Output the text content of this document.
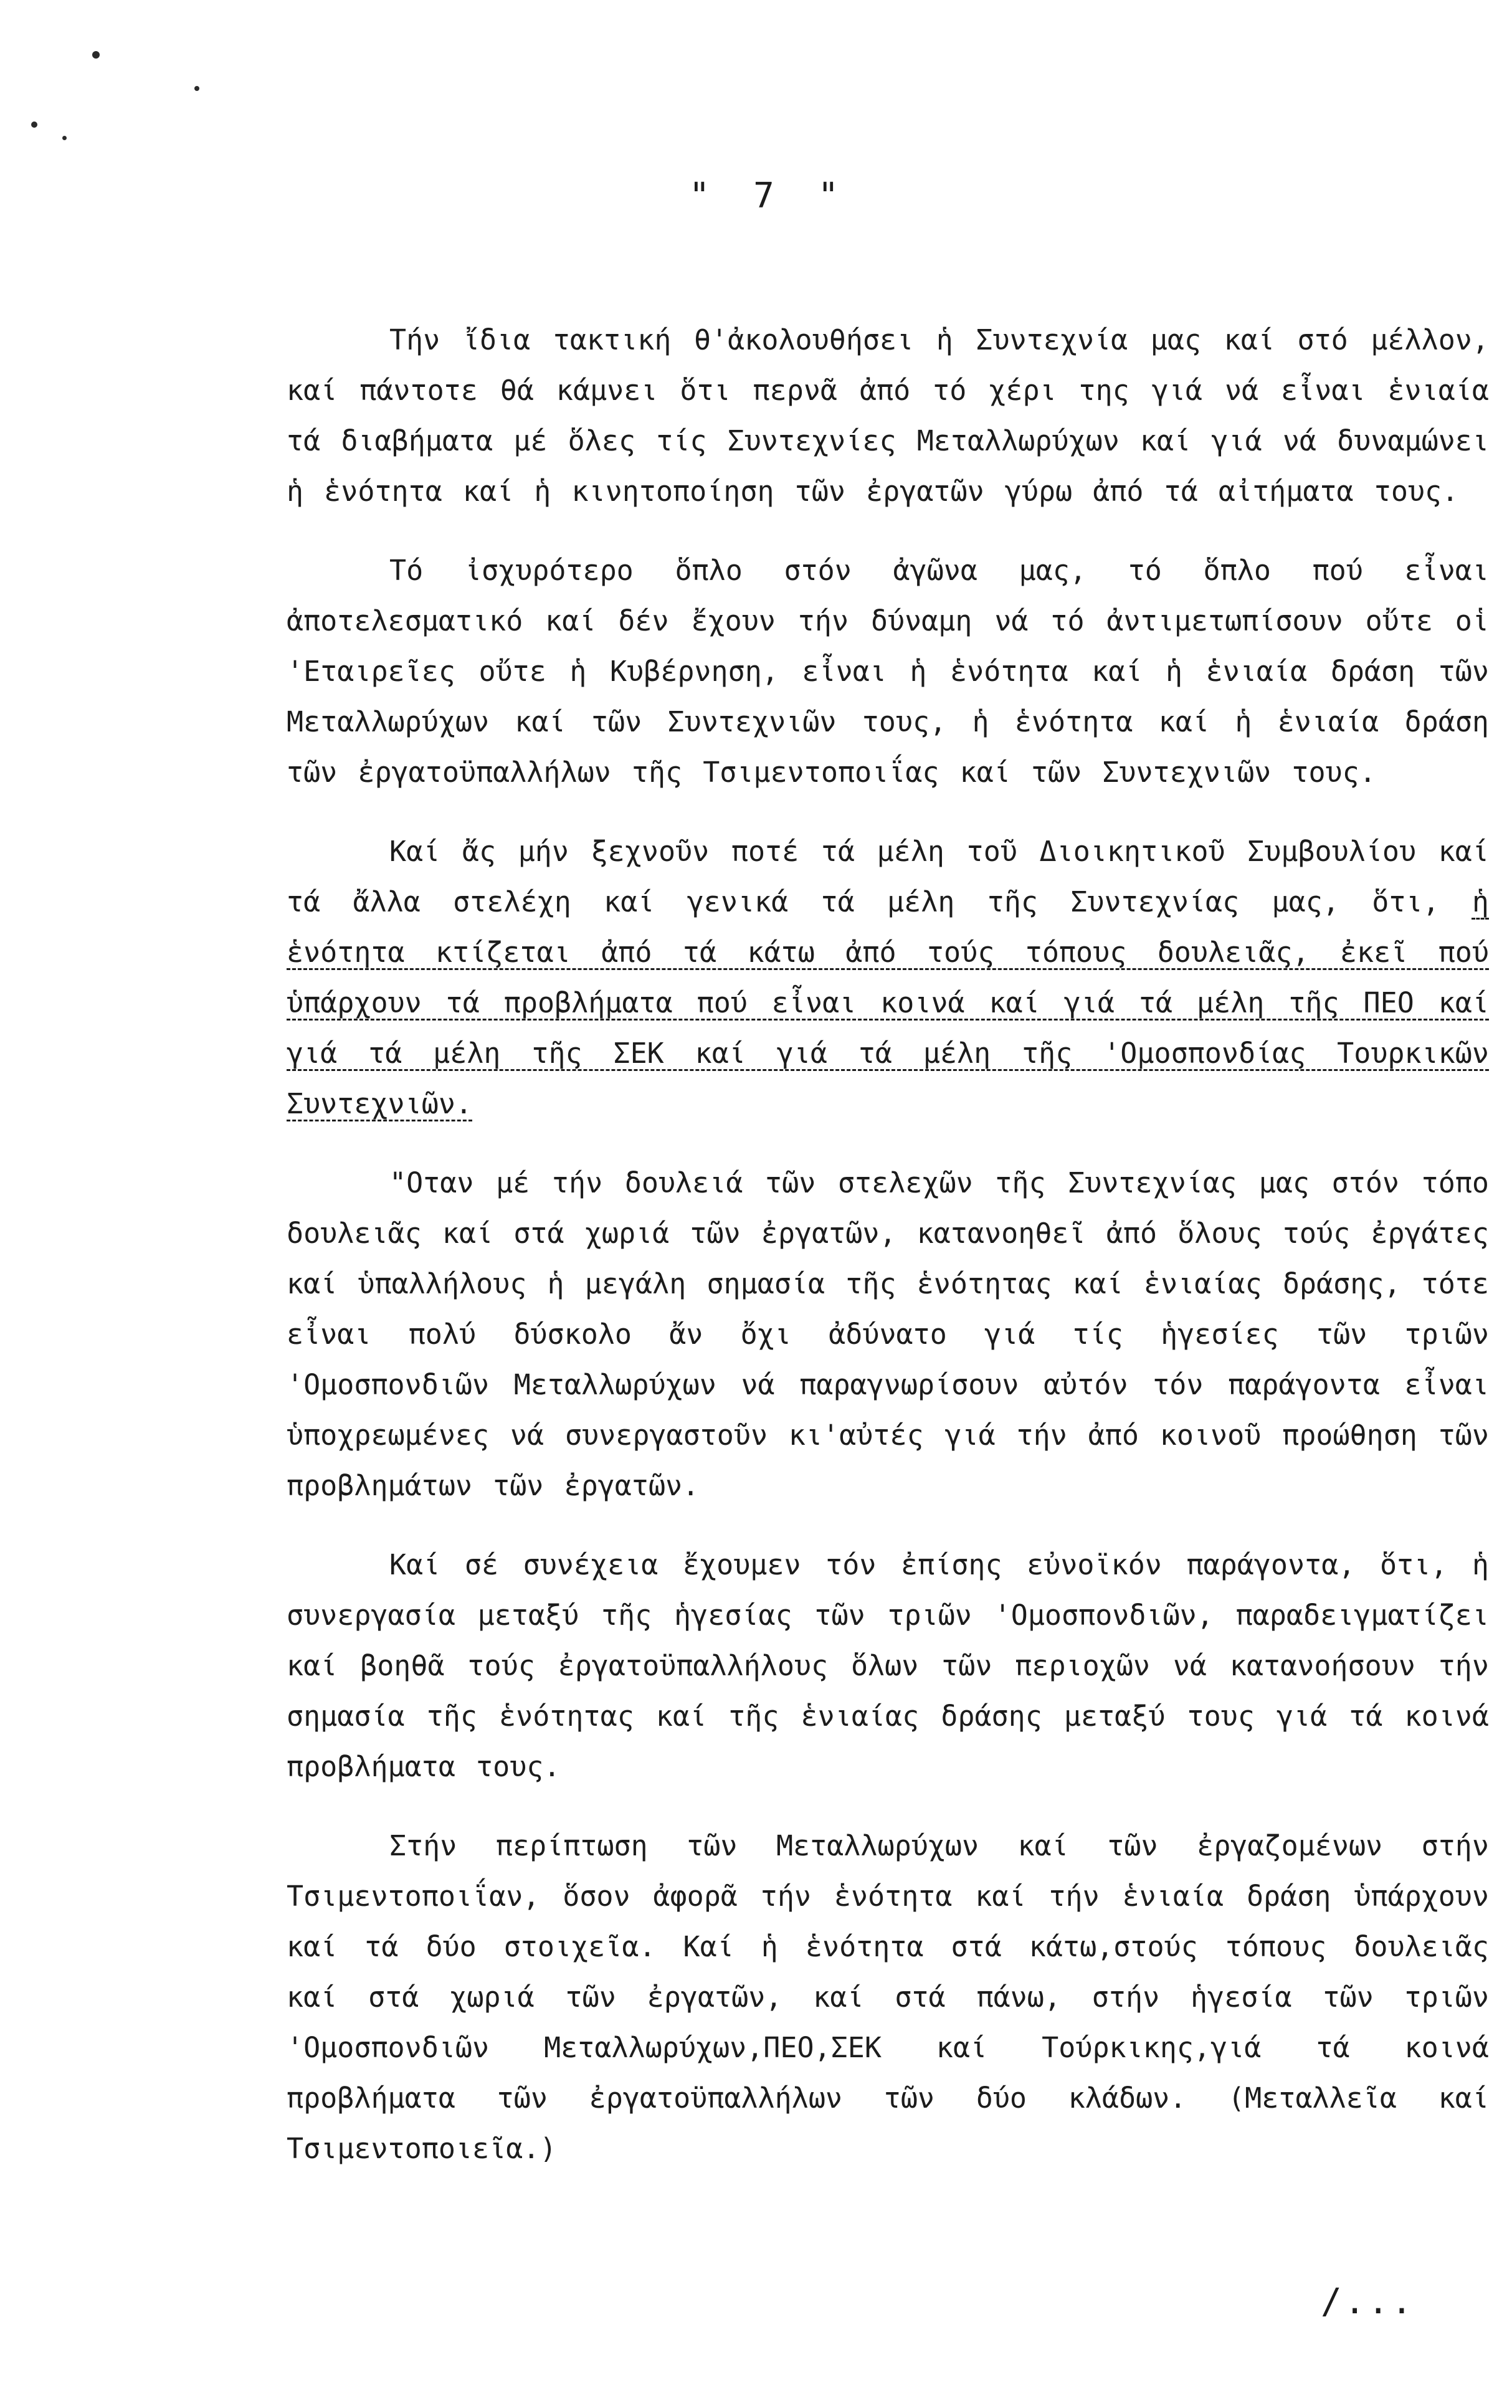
" 7 "

Τήν ἴδια τακτική θ'ἀκολουθήσει ἡ Συντεχνία μας καί στό μέλλον, καί πάντοτε θά κάμνει ὅτι περνᾶ ἀπό τό χέρι της γιά νά εἶναι ἑνιαία τά διαβήματα μέ ὅλες τίς Συντεχνίες Μεταλλωρύχων καί γιά νά δυναμώνει ἡ ἑνότητα καί ἡ κινητοποίηση τῶν ἐργατῶν γύρω ἀπό τά αἰτήματα τους.

Τό ἰσχυρότερο ὅπλο στόν ἀγῶνα μας, τό ὅπλο πού εἶναι ἀποτελεσματικό καί δέν ἔχουν τήν δύναμη νά τό ἀντιμετωπίσουν οὔτε οἱ 'Εταιρεῖες οὔτε ἡ Κυβέρνηση, εἶναι ἡ ἑνότητα καί ἡ ἑνιαία δράση τῶν Μεταλλωρύχων καί τῶν Συντεχνιῶν τους, ἡ ἑνότητα καί ἡ ἑνιαία δράση τῶν ἐργατοϋπαλλήλων τῆς Τσιμεντοποιΐας καί τῶν Συντεχνιῶν τους.

Καί ἄς μήν ξεχνοῦν ποτέ τά μέλη τοῦ Διοικητικοῦ Συμβουλίου καί τά ἄλλα στελέχη καί γενικά τά μέλη τῆς Συντεχνίας μας, ὅτι, ἡ ἑνότητα κτίζεται ἀπό τά κάτω ἀπό τούς τόπους δουλειᾶς, ἐκεῖ πού ὑπάρχουν τά προβλήματα πού εἶναι κοινά καί γιά τά μέλη τῆς ΠΕΟ καί γιά τά μέλη τῆς ΣΕΚ καί γιά τά μέλη τῆς 'Ομοσπονδίας Τουρκικῶν Συντεχνιῶν.

"Οταν μέ τήν δουλειά τῶν στελεχῶν τῆς Συντεχνίας μας στόν τόπο δουλειᾶς καί στά χωριά τῶν ἐργατῶν, κατανοηθεῖ ἀπό ὅλους τούς ἐργάτες καί ὑπαλλήλους ἡ μεγάλη σημασία τῆς ἑνότητας καί ἑνιαίας δράσης, τότε εἶναι πολύ δύσκολο ἄν ὄχι ἀδύνατο γιά τίς ἡγεσίες τῶν τριῶν 'Ομοσπονδιῶν Μεταλλωρύχων νά παραγνωρίσουν αὐτόν τόν παράγοντα εἶναι ὑποχρεωμένες νά συνεργαστοῦν κι'αὐτές γιά τήν ἀπό κοινοῦ προώθηση τῶν προβλημάτων τῶν ἐργατῶν.

Καί σέ συνέχεια ἔχουμεν τόν ἐπίσης εὐνοϊκόν παράγοντα, ὅτι, ἡ συνεργασία μεταξύ τῆς ἡγεσίας τῶν τριῶν 'Ομοσπονδιῶν, παραδειγματίζει καί βοηθᾶ τούς ἐργατοϋπαλλήλους ὅλων τῶν περιοχῶν νά κατανοήσουν τήν σημασία τῆς ἑνότητας καί τῆς ἑνιαίας δράσης μεταξύ τους γιά τά κοινά προβλήματα τους.

Στήν περίπτωση τῶν Μεταλλωρύχων καί τῶν ἐργαζομένων στήν Τσιμεντοποιΐαν, ὅσον ἀφορᾶ τήν ἑνότητα καί τήν ἑνιαία δράση ὑπάρχουν καί τά δύο στοιχεῖα. Καί ἡ ἑνότητα στά κάτω,στούς τόπους δουλειᾶς καί στά χωριά τῶν ἐργατῶν, καί στά πάνω, στήν ἡγεσία τῶν τριῶν 'Ομοσπονδιῶν Μεταλλωρύχων,ΠΕΟ,ΣΕΚ καί Τούρκικης,γιά τά κοινά προβλήματα τῶν ἐργατοϋπαλλήλων τῶν δύο κλάδων. (Μεταλλεῖα καί Τσιμεντοποιεῖα.)

/...
